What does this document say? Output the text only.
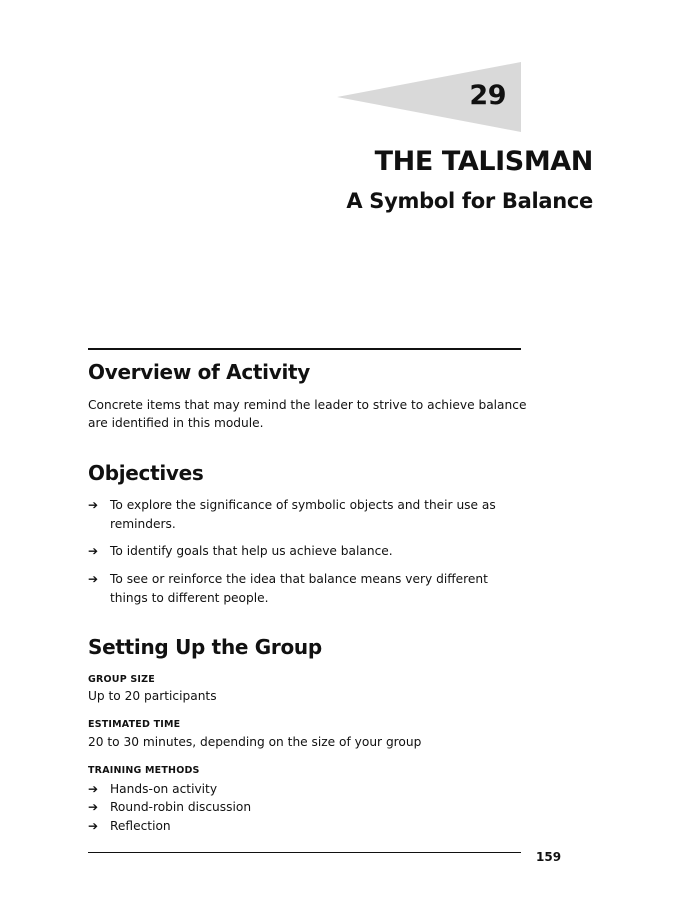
29
THE TALISMAN
A Symbol for Balance
Overview of Activity
Concrete items that may remind the leader to strive to achieve balance are identified in this module.
Objectives
➔ To explore the significance of symbolic objects and their use as reminders.
➔ To identify goals that help us achieve balance.
➔ To see or reinforce the idea that balance means very different things to different people.
Setting Up the Group
GROUP SIZE
Up to 20 participants
ESTIMATED TIME
20 to 30 minutes, depending on the size of your group
TRAINING METHODS
➔ Hands-on activity
➔ Round-robin discussion
➔ Reflection
159
